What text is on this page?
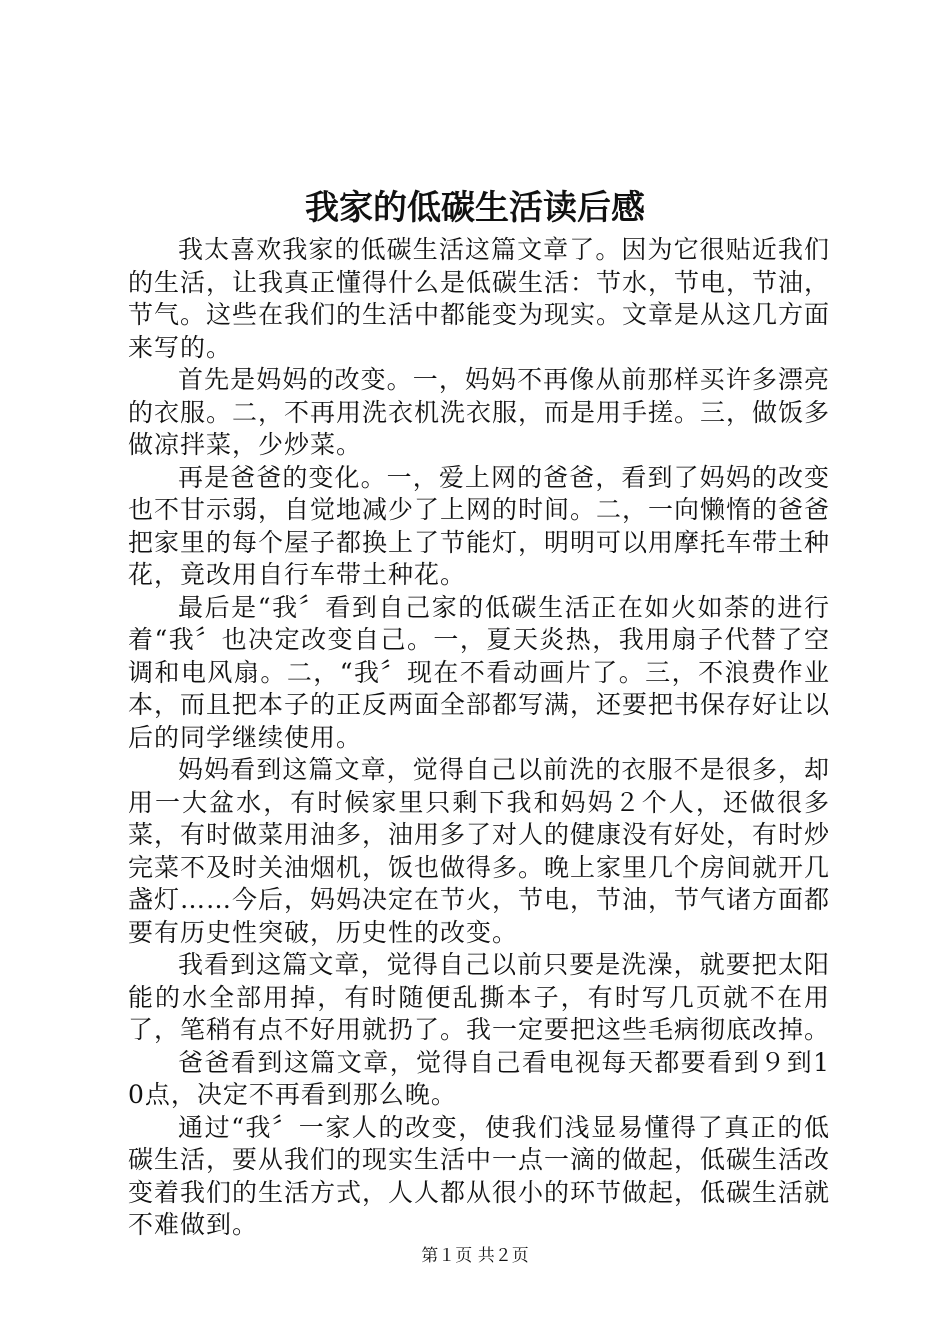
我家的低碳生活读后感

我太喜欢我家的低碳生活这篇文章了。因为它很贴近我们的生活，让我真正懂得什么是低碳生活：节水，节电，节油，节气。这些在我们的生活中都能变为现实。文章是从这几方面来写的。

首先是妈妈的改变。一，妈妈不再像从前那样买许多漂亮的衣服。二，不再用洗衣机洗衣服，而是用手搓。三，做饭多做凉拌菜，少炒菜。

再是爸爸的变化。一，爱上网的爸爸，看到了妈妈的改变也不甘示弱，自觉地减少了上网的时间。二，一向懒惰的爸爸把家里的每个屋子都换上了节能灯，明明可以用摩托车带土种花，竟改用自行车带土种花。

最后是“我〞看到自己家的低碳生活正在如火如荼的进行着“我〞也决定改变自己。一，夏天炎热，我用扇子代替了空调和电风扇。二，“我〞现在不看动画片了。三，不浪费作业本，而且把本子的正反两面全部都写满，还要把书保存好让以后的同学继续使用。

妈妈看到这篇文章，觉得自己以前洗的衣服不是很多，却用一大盆水，有时候家里只剩下我和妈妈２个人，还做很多菜，有时做菜用油多，油用多了对人的健康没有好处，有时炒完菜不及时关油烟机，饭也做得多。晚上家里几个房间就开几盏灯……今后，妈妈决定在节火，节电，节油，节气诸方面都要有历史性突破，历史性的改变。

我看到这篇文章，觉得自己以前只要是洗澡，就要把太阳能的水全部用掉，有时随便乱撕本子，有时写几页就不在用了，笔稍有点不好用就扔了。我一定要把这些毛病彻底改掉。

爸爸看到这篇文章，觉得自己看电视每天都要看到９到10点，决定不再看到那么晚。

通过“我〞一家人的改变，使我们浅显易懂得了真正的低碳生活，要从我们的现实生活中一点一滴的做起，低碳生活改变着我们的生活方式，人人都从很小的环节做起，低碳生活就不难做到。

第１页 共２页
